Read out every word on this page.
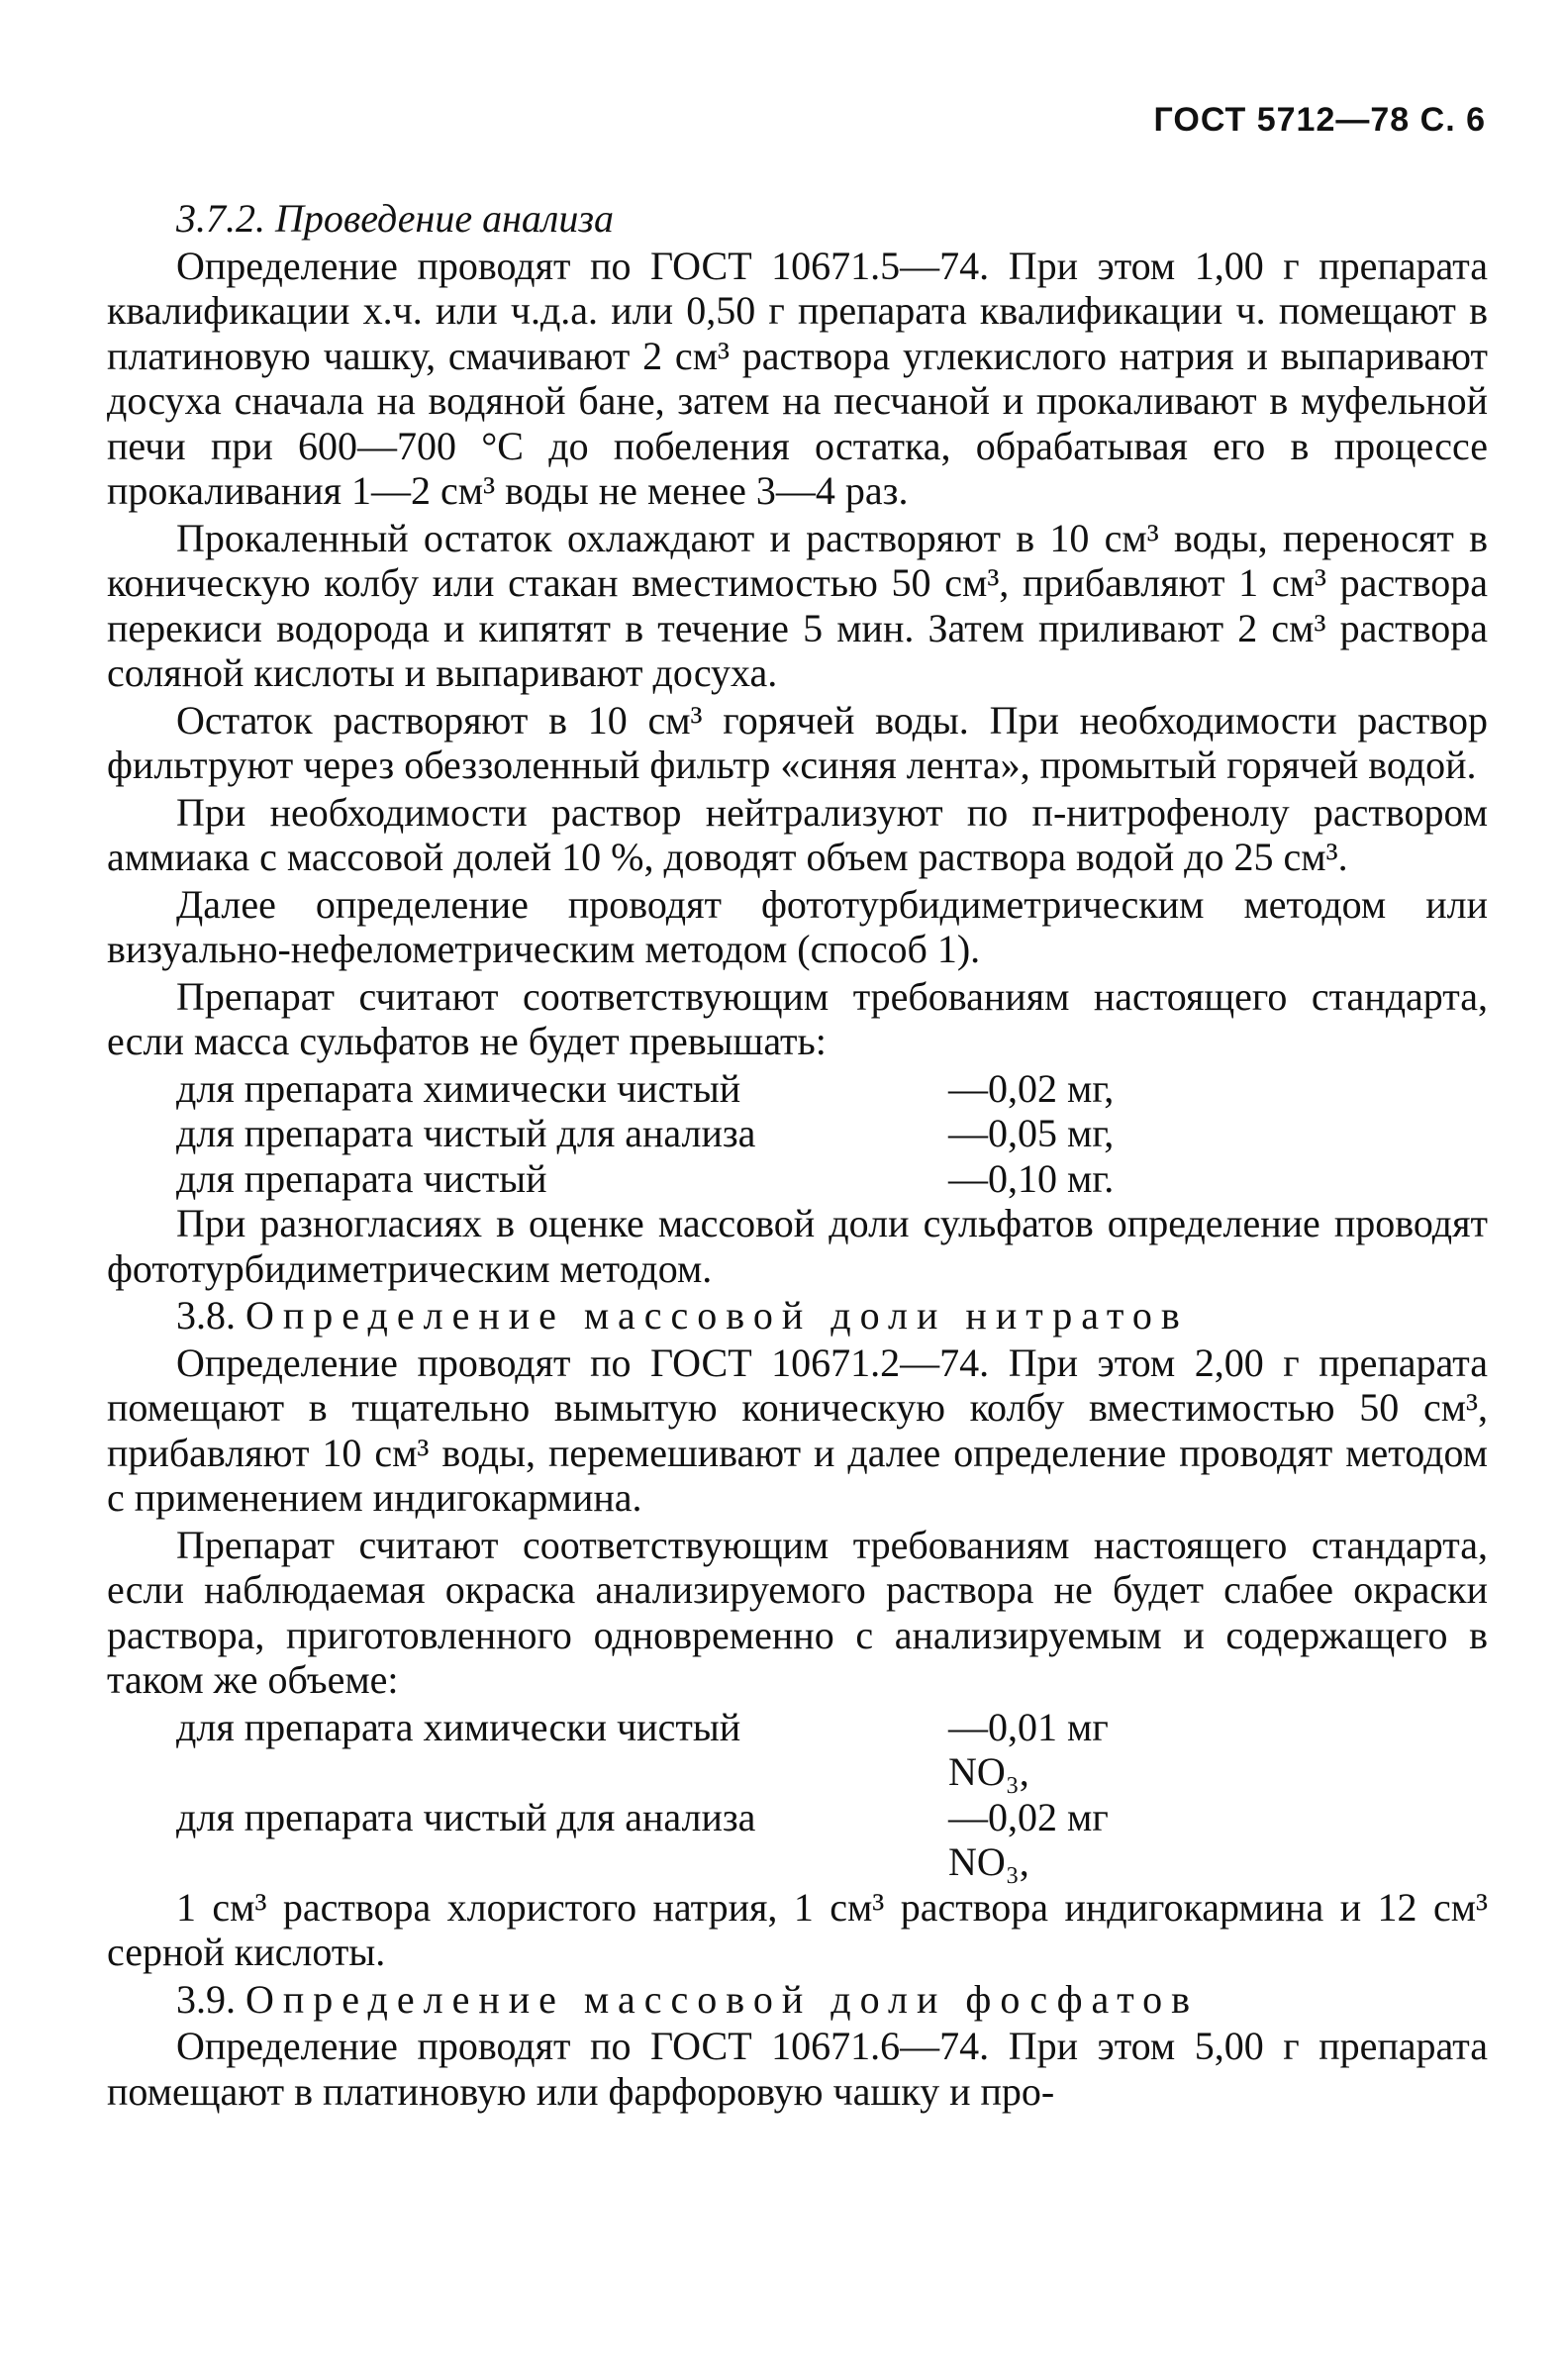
ГОСТ 5712—78 С. 6

3.7.2. Проведение анализа

Определение проводят по ГОСТ 10671.5—74. При этом 1,00 г препарата квалификации х.ч. или ч.д.а. или 0,50 г препарата квалификации ч. помещают в платиновую чашку, смачивают 2 см³ раствора углекислого натрия и выпаривают досуха сначала на водяной бане, затем на песчаной и прокаливают в муфельной печи при 600—700 °С до побеления остатка, обрабатывая его в процессе прокаливания 1—2 см³ воды не менее 3—4 раз.

Прокаленный остаток охлаждают и растворяют в 10 см³ воды, переносят в коническую колбу или стакан вместимостью 50 см³, прибавляют 1 см³ раствора перекиси водорода и кипятят в течение 5 мин. Затем приливают 2 см³ раствора соляной кислоты и выпаривают досуха.

Остаток растворяют в 10 см³ горячей воды. При необходимости раствор фильтруют через обеззоленный фильтр «синяя лента», промытый горячей водой.

При необходимости раствор нейтрализуют по п-нитрофенолу раствором аммиака с массовой долей 10 %, доводят объем раствора водой до 25 см³.

Далее определение проводят фототурбидиметрическим методом или визуально-нефелометрическим методом (способ 1).

Препарат считают соответствующим требованиям настоящего стандарта, если масса сульфатов не будет превышать:

для препарата химически чистый	—0,02 мг,
для препарата чистый для анализа	—0,05 мг,
для препарата чистый	—0,10 мг.

При разногласиях в оценке массовой доли сульфатов определение проводят фототурбидиметрическим методом.

3.8. Определение массовой доли нитратов

Определение проводят по ГОСТ 10671.2—74. При этом 2,00 г препарата помещают в тщательно вымытую коническую колбу вместимостью 50 см³, прибавляют 10 см³ воды, перемешивают и далее определение проводят методом с применением индигокармина.

Препарат считают соответствующим требованиям настоящего стандарта, если наблюдаемая окраска анализируемого раствора не будет слабее окраски раствора, приготовленного одновременно с анализируемым и содержащего в таком же объеме:

для препарата химически чистый	—0,01 мг NO₃,
для препарата чистый для анализа	—0,02 мг NO₃,

1 см³ раствора хлористого натрия, 1 см³ раствора индигокармина и 12 см³ серной кислоты.

3.9. Определение массовой доли фосфатов

Определение проводят по ГОСТ 10671.6—74. При этом 5,00 г препарата помещают в платиновую или фарфоровую чашку и про-
